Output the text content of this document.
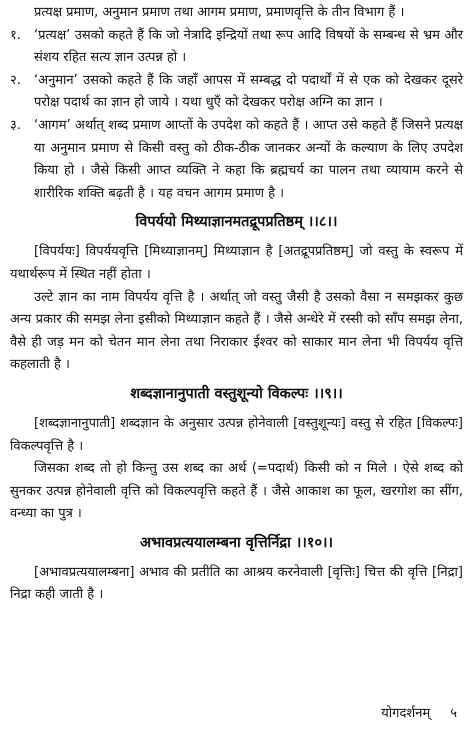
प्रत्यक्ष प्रमाण, अनुमान प्रमाण तथा आगम प्रमाण, प्रमाणवृत्ति के तीन विभाग हैं ।

१.	‘प्रत्यक्ष’ उसको कहते हैं कि जो नेत्रादि इन्द्रियों तथा रूप आदि विषयों के सम्बन्ध से भ्रम और संशय रहित सत्य ज्ञान उत्पन्न हो ।
२.	‘अनुमान’ उसको कहते हैं कि जहाँ आपस में सम्बद्ध दो पदार्थों में से एक को देखकर दूसरे परोक्ष पदार्थ का ज्ञान हो जाये । यथा धुएँ को देखकर परोक्ष अग्नि का ज्ञान ।
३.	‘आगम’ अर्थात् शब्द प्रमाण आप्तों के उपदेश को कहते हैं । आप्त उसे कहते हैं जिसने प्रत्यक्ष या अनुमान प्रमाण से किसी वस्तु को ठीक-ठीक जानकर अन्यों के कल्याण के लिए उपदेश किया हो । जैसे किसी आप्त व्यक्ति ने कहा कि ब्रह्मचर्य का पालन तथा व्यायाम करने से शारीरिक शक्ति बढ़ती है । यह वचन आगम प्रमाण है ।
विपर्ययो मिथ्याज्ञानमतद्रूपप्रतिष्ठम् ।।८।।

[विपर्ययः] विपर्ययवृत्ति [मिथ्याज्ञानम्] मिथ्याज्ञान है [अतद्रूपप्रतिष्ठम्] जो वस्तु के स्वरूप में यथार्थरूप में स्थित नहीं होता ।

उल्टे ज्ञान का नाम विपर्यय वृत्ति है । अर्थात् जो वस्तु जैसी है उसको वैसा न समझकर कुछ अन्य प्रकार की समझ लेना इसीको मिथ्याज्ञान कहते हैं । जैसे अन्धेरे में रस्सी को साँप समझ लेना, वैसे ही जड़ मन को चेतन मान लेना तथा निराकार ईश्वर को साकार मान लेना भी विपर्यय वृत्ति कहलाती है ।

शब्दज्ञानानुपाती वस्तुशून्यो विकल्पः ।।९।।

[शब्दज्ञानानुपाती] शब्दज्ञान के अनुसार उत्पन्न होनेवाली [वस्तुशून्यः] वस्तु से रहित [विकल्पः] विकल्पवृत्ति है ।

जिसका शब्द तो हो किन्तु उस शब्द का अर्थ (=पदार्थ) किसी को न मिले । ऐसे शब्द को सुनकर उत्पन्न होनेवाली वृत्ति को विकल्पवृत्ति कहते हैं । जैसे आकाश का फूल, खरगोश का सींग, वन्ध्या का पुत्र ।

अभावप्रत्ययालम्बना वृत्तिर्निद्रा ।।१०।।

[अभावप्रत्ययालम्बना] अभाव की प्रतीति का आश्रय करनेवाली [वृत्तिः] चित्त की वृत्ति [निद्रा] निद्रा कही जाती है ।

योगदर्शनम् ५
